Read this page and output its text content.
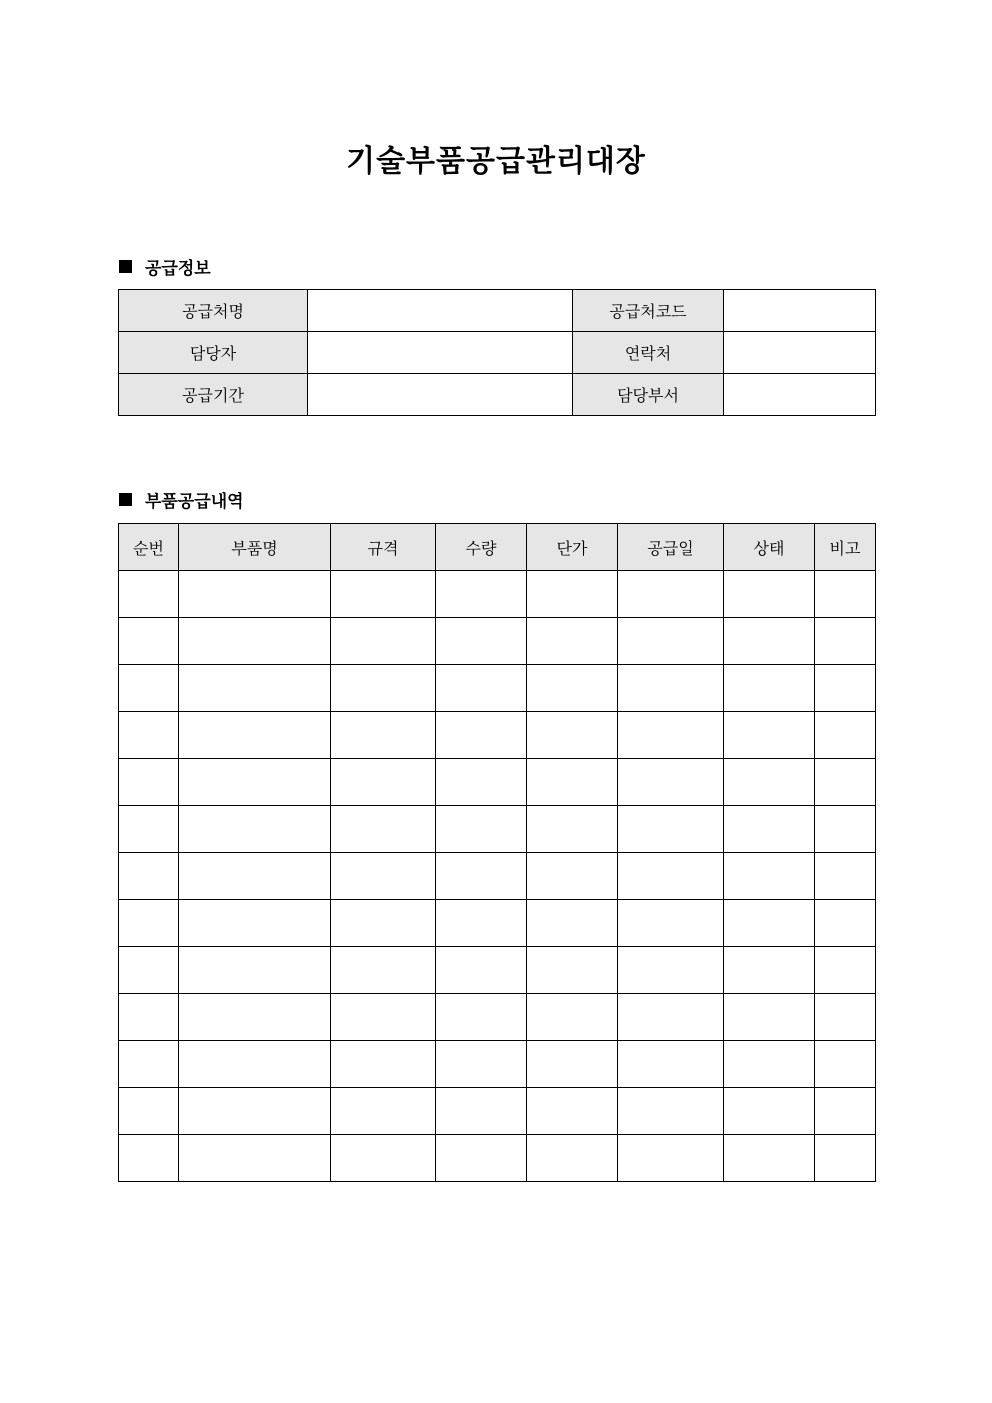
기술부품공급관리대장
공급정보
공급처명		공급처코드	
담당자		연락처	
공급기간		담당부서	
부품공급내역
순번	부품명	규격	수량	단가	공급일	상태	비고
